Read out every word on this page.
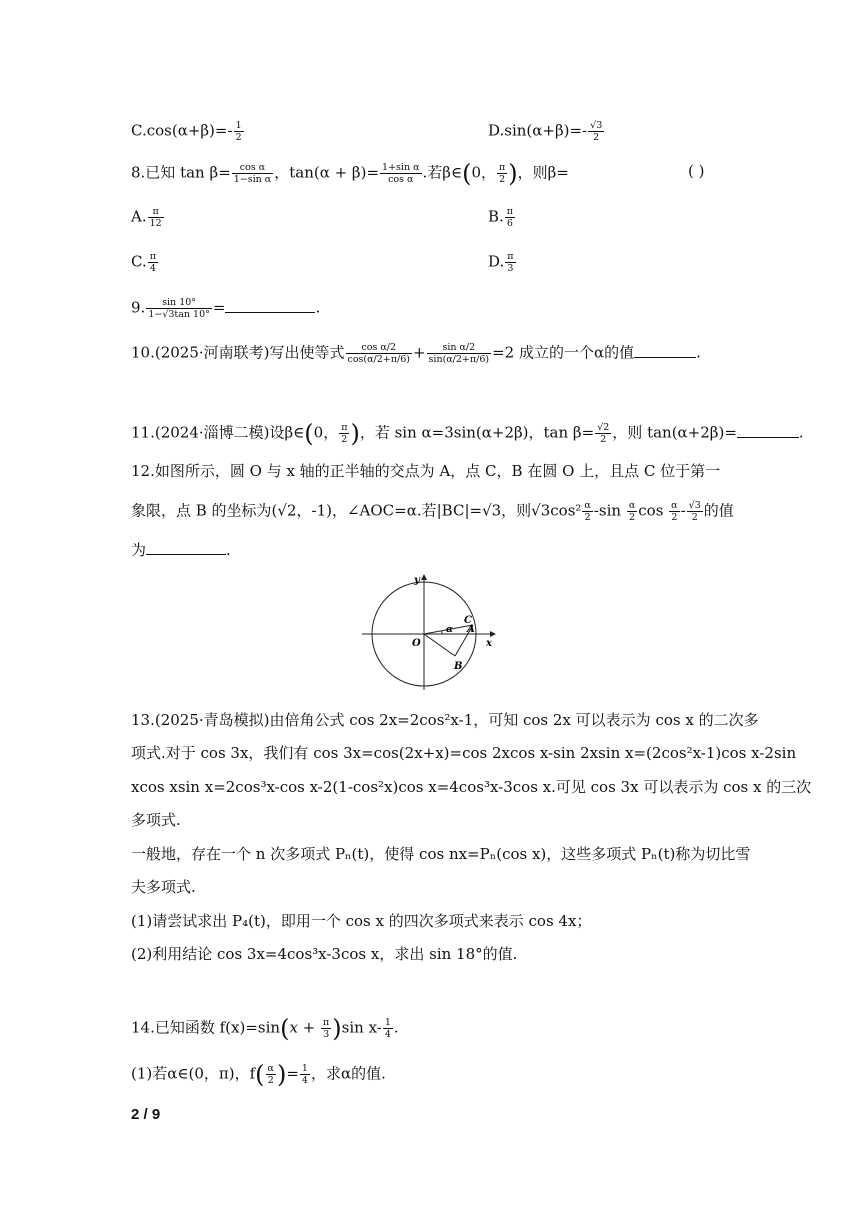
$C.\cos(\alpha+\beta)=- \frac{1}{2}$	$D.\sin(\alpha+\beta)=- \frac{√3}{2}$
8.已知 $\tan \beta= \frac{\text{cos α}}{\text{1−sin α}}$ ，$\tan(\alpha + \beta)= \frac{\text{1+sin α}}{\text{cos α}}$ .若β∈(0， $\frac{\pi}{2}$ )，则β=	( )
A. $\frac{\pi}{12}$	B. $\frac{\pi}{6}$
C. $\frac{\pi}{4}$	D. $\frac{\pi}{3}$
9. $\frac{\sin 10^\circ}{1-√3\tan 10^\circ}$ =	.
10.(2025·河南联考)写出使等式 $\frac{\text{cos α/2}}{\cos(\alpha/2+\pi/6)} + \frac{\text{sin α/2}}{\sin(\alpha/2+\pi/6)} =2$ 成立的一个α的值	.
11.(2024·淄博二模)设β∈(0， $\frac{\pi}{2}$ )，若 sin α=3sin(α+2β)，$\tan \beta= \frac{√2}{2}$ ，则 tan(α+2β)=	.
12.如图所示，圆 O 与 x 轴的正半轴的交点为 A，点 C，B 在圆 O 上，且点 C 位于第一
象限，点 B 的坐标为(√2，-1)，∠AOC=α.若|BC|=√3，则$√3\cos^2 \frac{\alpha}{2} -\sin \frac{\alpha}{2}$ $\cos \frac{\alpha}{2} - \frac{√3}{2}$ 的值
为	.
y
x
O
A
C
B
α
13.(2025·青岛模拟)由倍角公式 cos 2x=2cos²x-1，可知 cos 2x 可以表示为 cos x 的二次多
项式.对于 cos 3x，我们有 cos 3x=cos(2x+x)=cos 2xcos x-sin 2xsin x=(2cos²x-1)cos x-2sin
xcos xsin x=2cos³x-cos x-2(1-cos²x)cos x=4cos³x-3cos x.可见 cos 3x 可以表示为 cos x 的三次
多项式.
一般地，存在一个 n 次多项式 Pₙ(t)，使得 cos nx=Pₙ(cos x)，这些多项式 Pₙ(t)称为切比雪
夫多项式.
(1)请尝试求出 P₄(t)，即用一个 cos x 的四次多项式来表示 cos 4x；
(2)利用结论 cos 3x=4cos³x-3cos x，求出 sin 18°的值.
14.已知函数 $f(x)=\sin(x + \frac{\pi}{3} )\sin$ $x- \frac{1}{4}$ .
(1)若α∈(0，π)，$f( \frac{\alpha}{2}$ )= $\frac{1}{4}$ ，求α的值.
2 / 9
